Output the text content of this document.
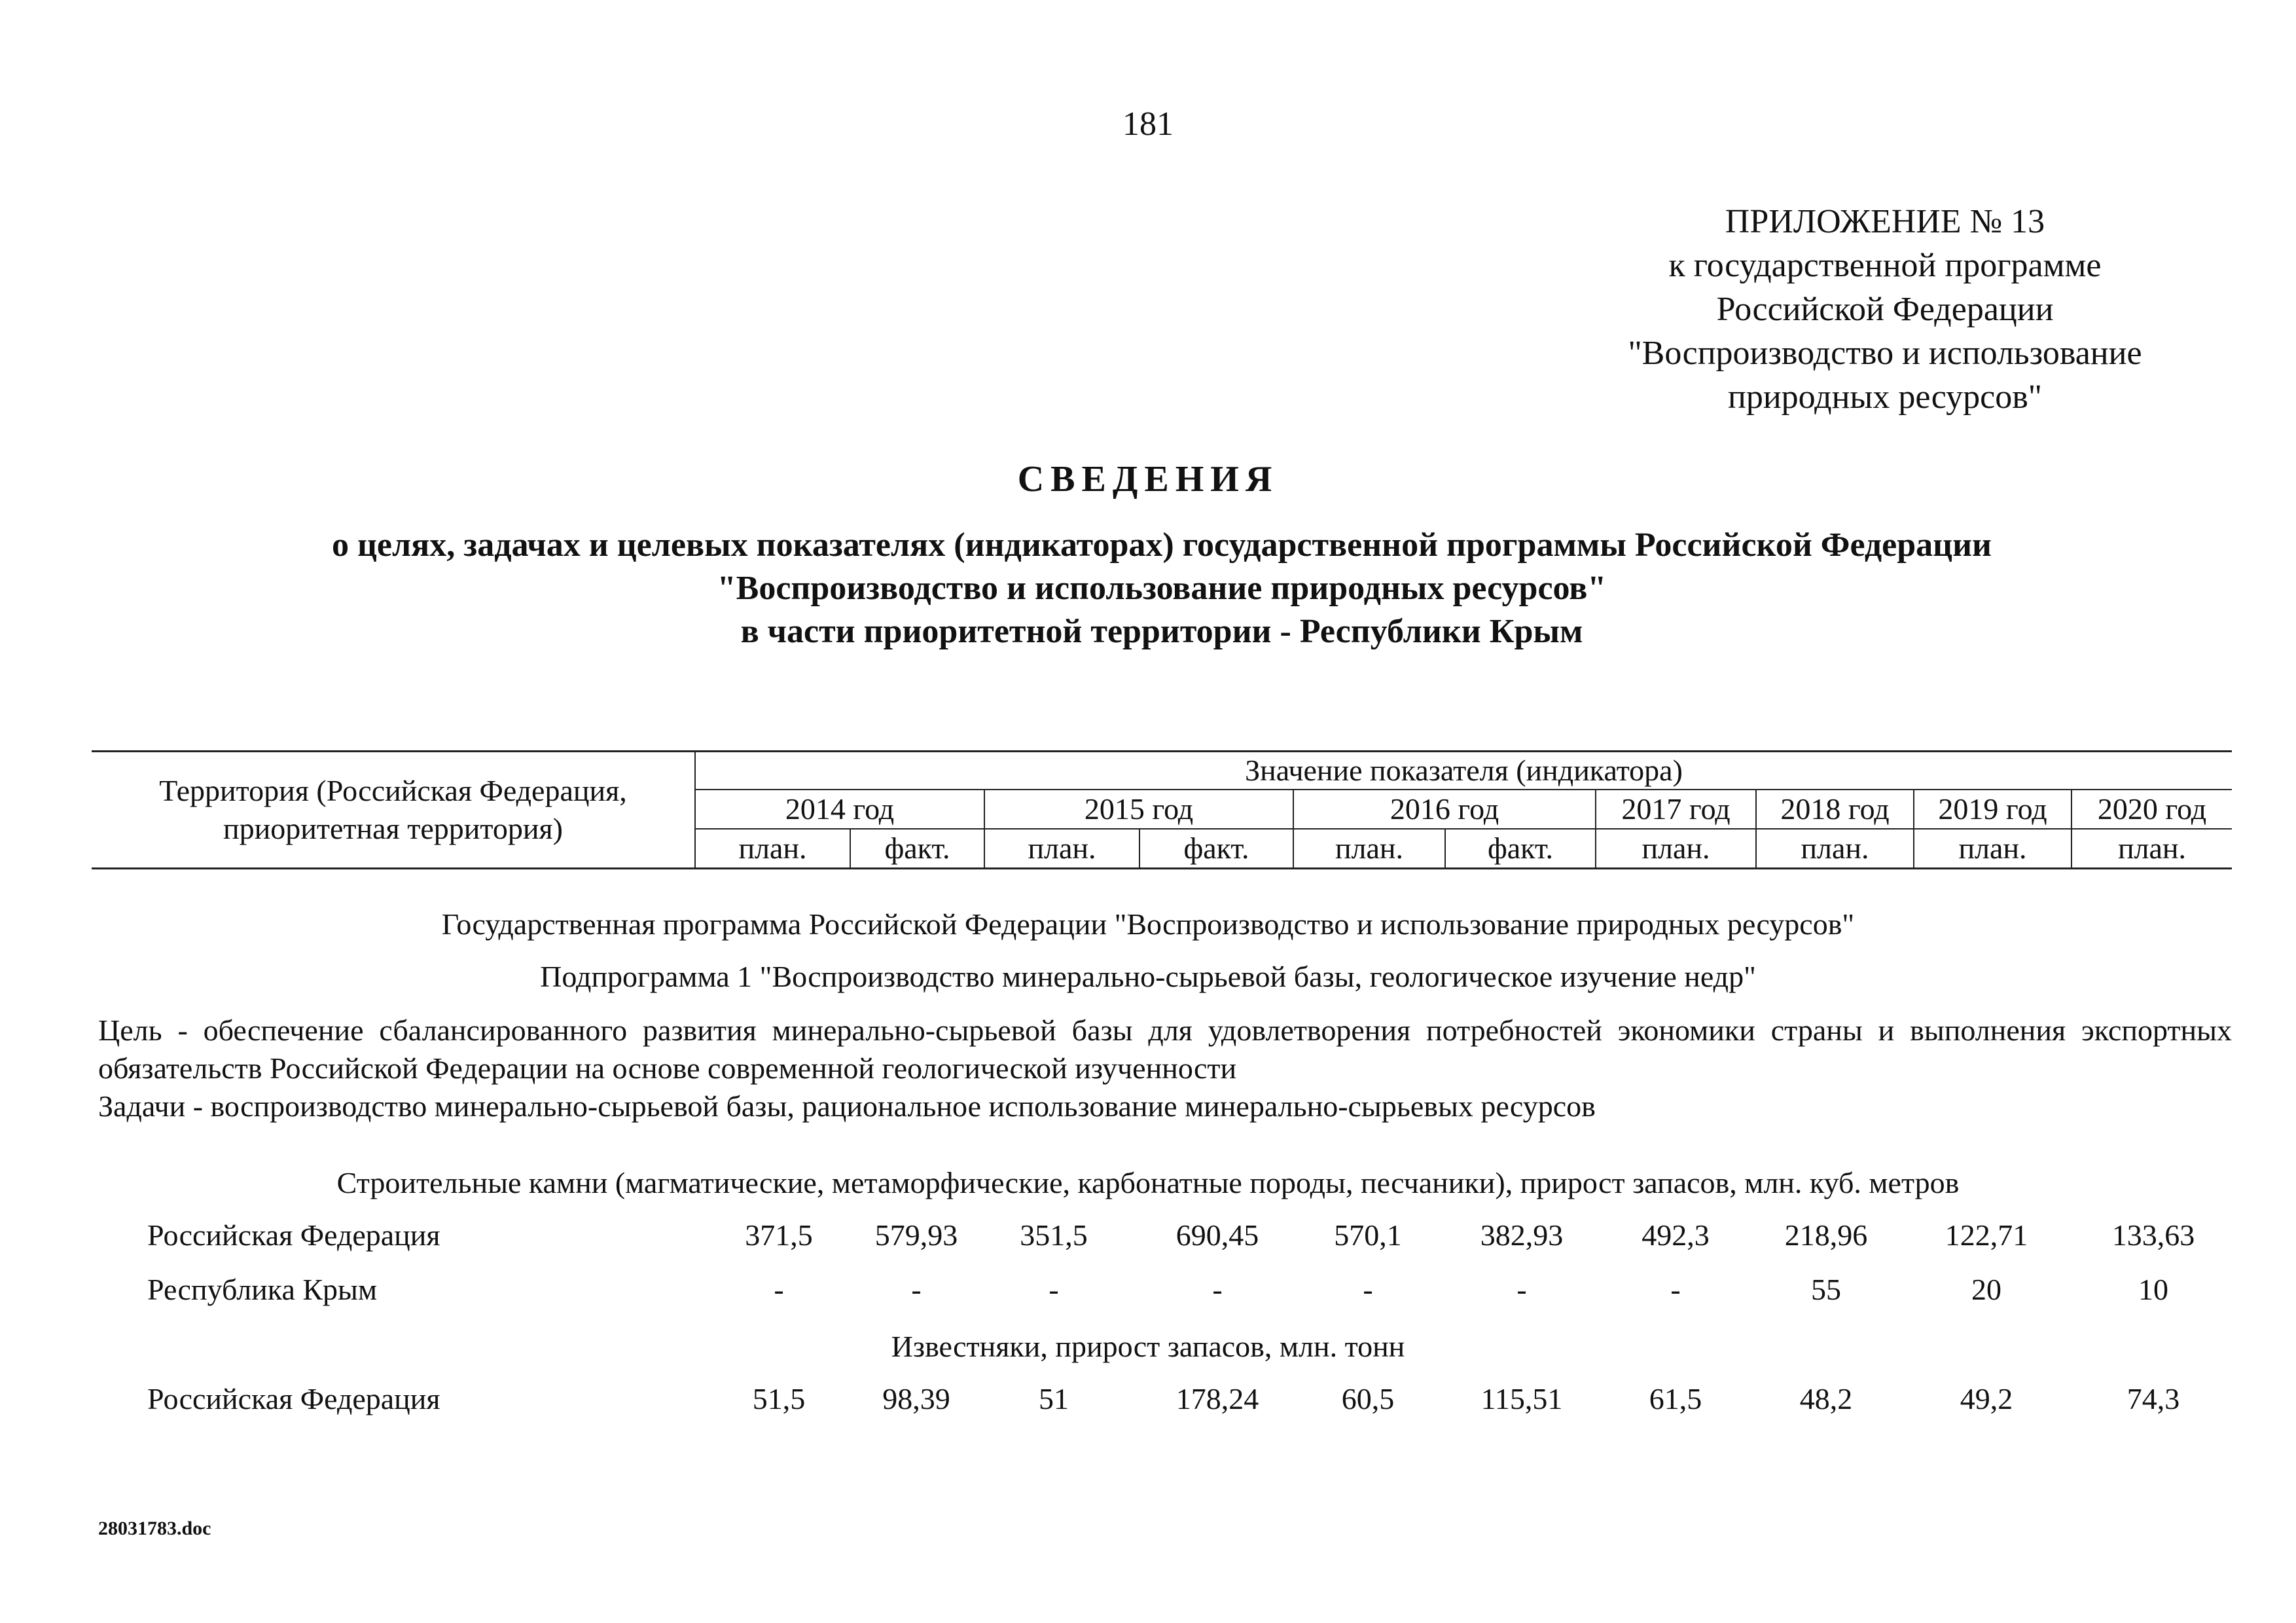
181
ПРИЛОЖЕНИЕ № 13
к государственной программе
Российской Федерации
"Воспроизводство и использование
природных ресурсов"
СВЕДЕНИЯ
о целях, задачах и целевых показателях (индикаторах) государственной программы Российской Федерации
"Воспроизводство и использование природных ресурсов"
в части приоритетной территории - Республики Крым
Территория (Российская Федерация, приоритетная территория)	Значение показателя (индикатора)									
	2014 год		2015 год		2016 год		2017 год	2018 год	2019 год	2020 год
	план.	факт.	план.	факт.	план.	факт.	план.	план.	план.	план.
Государственная программа Российской Федерации "Воспроизводство и использование природных ресурсов"
Подпрограмма 1 "Воспроизводство минерально-сырьевой базы, геологическое изучение недр"
Цель - обеспечение сбалансированного развития минерально-сырьевой базы для удовлетворения потребностей экономики страны и выполнения экспортных обязательств Российской Федерации на основе современной геологической изученности
Задачи - воспроизводство минерально-сырьевой базы, рациональное использование минерально-сырьевых ресурсов
Строительные камни (магматические, метаморфические, карбонатные породы, песчаники), прирост запасов, млн. куб. метров
Российская Федерация	371,5	579,93	351,5	690,45	570,1	382,93	492,3	218,96	122,71	133,63
Республика Крым	-	-	-	-	-	-	-	55	20	10
Известняки, прирост запасов, млн. тонн
Российская Федерация	51,5	98,39	51	178,24	60,5	115,51	61,5	48,2	49,2	74,3
28031783.doc
